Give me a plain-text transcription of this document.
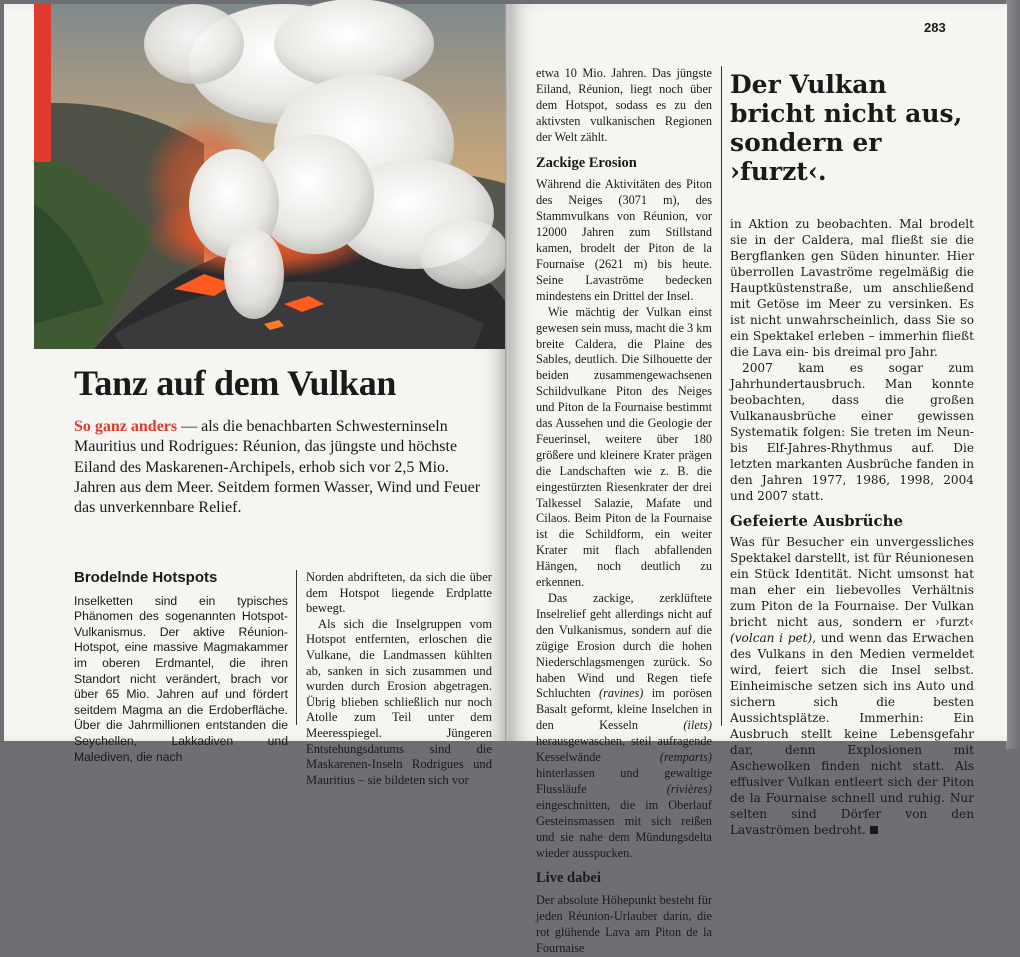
Tanz auf dem Vulkan
So ganz anders — als die benachbarten Schwesterninseln Mauritius und Rodrigues: Réunion, das jüngste und höchste Eiland des Maskarenen-Archipels, erhob sich vor 2,5 Mio. Jahren aus dem Meer. Seitdem formen Wasser, Wind und Feuer das unverkennbare Relief.

Brodelnde Hotspots

Inselketten sind ein typisches Phänomen des sogenannten Hotspot-Vulkanismus. Der aktive Réunion-Hotspot, eine massive Magmakammer im oberen Erdmantel, die ihren Standort nicht verändert, brach vor über 65 Mio. Jahren auf und fördert seitdem Magma an die Erdoberfläche. Über die Jahrmillionen entstanden die Seychellen, Lakkadiven und Malediven, die nach

Norden abdrifteten, da sich die über dem Hotspot liegende Erdplatte bewegt.

Als sich die Inselgruppen vom Hotspot entfernten, erloschen die Vulkane, die Landmassen kühlten ab, sanken in sich zusammen und wurden durch Erosion abgetragen. Übrig blieben schließlich nur noch Atolle zum Teil unter dem Meeresspiegel. Jüngeren Entstehungsdatums sind die Maskarenen-Inseln Rodrigues und Mauritius – sie bildeten sich vor

283

etwa 10 Mio. Jahren. Das jüngste Eiland, Réunion, liegt noch über dem Hotspot, sodass es zu den aktivsten vulkanischen Regionen der Welt zählt.

Zackige Erosion

Während die Aktivitäten des Piton des Neiges (3071 m), des Stammvulkans von Réunion, vor 12000 Jahren zum Stillstand kamen, brodelt der Piton de la Fournaise (2621 m) bis heute. Seine Lavaströme bedecken mindestens ein Drittel der Insel.

Wie mächtig der Vulkan einst gewesen sein muss, macht die 3 km breite Caldera, die Plaine des Sables, deutlich. Die Silhouette der beiden zusammengewachsenen Schildvulkane Piton des Neiges und Piton de la Fournaise bestimmt das Aussehen und die Geologie der Feuerinsel, weitere über 180 größere und kleinere Krater prägen die Landschaften wie z. B. die eingestürzten Riesenkrater der drei Talkessel Salazie, Mafate und Cilaos. Beim Piton de la Fournaise ist die Schildform, ein weiter Krater mit flach abfallenden Hängen, noch deutlich zu erkennen.

Das zackige, zerklüftete Inselrelief geht allerdings nicht auf den Vulkanismus, sondern auf die zügige Erosion durch die hohen Niederschlagsmengen zurück. So haben Wind und Regen tiefe Schluchten (ravines) im porösen Basalt geformt, kleine Inselchen in den Kesseln (ilets) herausgewaschen, steil aufragende Kesselwände (remparts) hinterlassen und gewaltige Flussläufe (rivières) eingeschnitten, die im Oberlauf Gesteinsmassen mit sich reißen und sie nahe dem Mündungsdelta wieder ausspucken.

Live dabei

Der absolute Höhepunkt besteht für jeden Réunion-Urlauber darin, die rot glühende Lava am Piton de la Fournaise

Der Vulkan bricht nicht aus, sondern er ›furzt‹.

in Aktion zu beobachten. Mal brodelt sie in der Caldera, mal fließt sie die Bergflanken gen Süden hinunter. Hier überrollen Lavaströme regelmäßig die Hauptküstenstraße, um anschließend mit Getöse im Meer zu versinken. Es ist nicht unwahrscheinlich, dass Sie so ein Spektakel erleben – immerhin fließt die Lava ein- bis dreimal pro Jahr.

2007 kam es sogar zum Jahrhundertausbruch. Man konnte beobachten, dass die großen Vulkanausbrüche einer gewissen Systematik folgen: Sie treten im Neun- bis Elf-Jahres-Rhythmus auf. Die letzten markanten Ausbrüche fanden in den Jahren 1977, 1986, 1998, 2004 und 2007 statt.

Gefeierte Ausbrüche

Was für Besucher ein unvergessliches Spektakel darstellt, ist für Réunionesen ein Stück Identität. Nicht umsonst hat man eher ein liebevolles Verhältnis zum Piton de la Fournaise. Der Vulkan bricht nicht aus, sondern er ›furzt‹ (volcan i pet), und wenn das Erwachen des Vulkans in den Medien vermeldet wird, feiert sich die Insel selbst. Einheimische setzen sich ins Auto und sichern sich die besten Aussichtsplätze. Immerhin: Ein Ausbruch stellt keine Lebensgefahr dar, denn Explosionen mit Aschewolken finden nicht statt. Als effusiver Vulkan entleert sich der Piton de la Fournaise schnell und ruhig. Nur selten sind Dörfer von den Lavaströmen bedroht.
